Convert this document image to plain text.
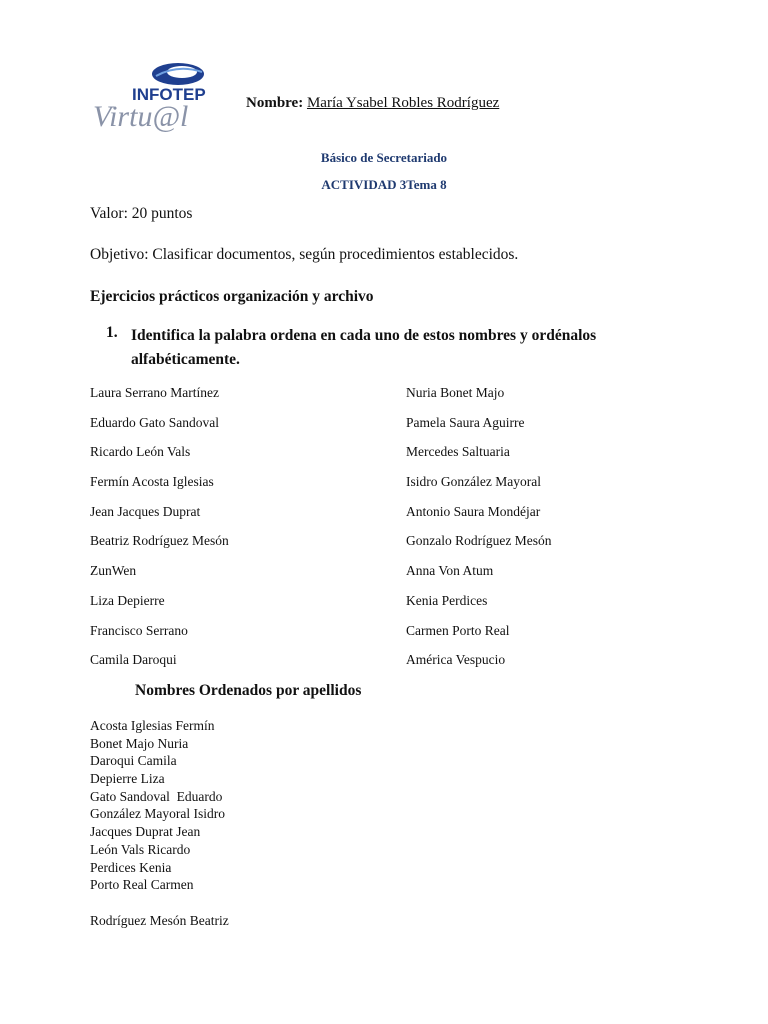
INFOTEP
Virtu@l	Nombre: María Ysabel Robles Rodríguez
Básico de Secretariado
ACTIVIDAD 3Tema 8
Valor: 20 puntos
Objetivo: Clasificar documentos, según procedimientos establecidos.
Ejercicios prácticos organización y archivo
1. Identifica la palabra ordena en cada uno de estos nombres y ordénalos alfabéticamente.
Laura Serrano Martínez
Eduardo Gato Sandoval
Ricardo León Vals
Fermín Acosta Iglesias
Jean Jacques Duprat
Beatriz Rodríguez Mesón
ZunWen
Liza Depierre
Francisco Serrano
Camila Daroqui
Nuria Bonet Majo
Pamela Saura Aguirre
Mercedes Saltuaria
Isidro González Mayoral
Antonio Saura Mondéjar
Gonzalo Rodríguez Mesón
Anna Von Atum
Kenia Perdices
Carmen Porto Real
América Vespucio
Nombres Ordenados por apellidos
Acosta Iglesias Fermín
Bonet Majo Nuria
Daroqui Camila
Depierre Liza
Gato Sandoval  Eduardo
González Mayoral Isidro
Jacques Duprat Jean
León Vals Ricardo
Perdices Kenia
Porto Real Carmen
Rodríguez Mesón Beatriz
